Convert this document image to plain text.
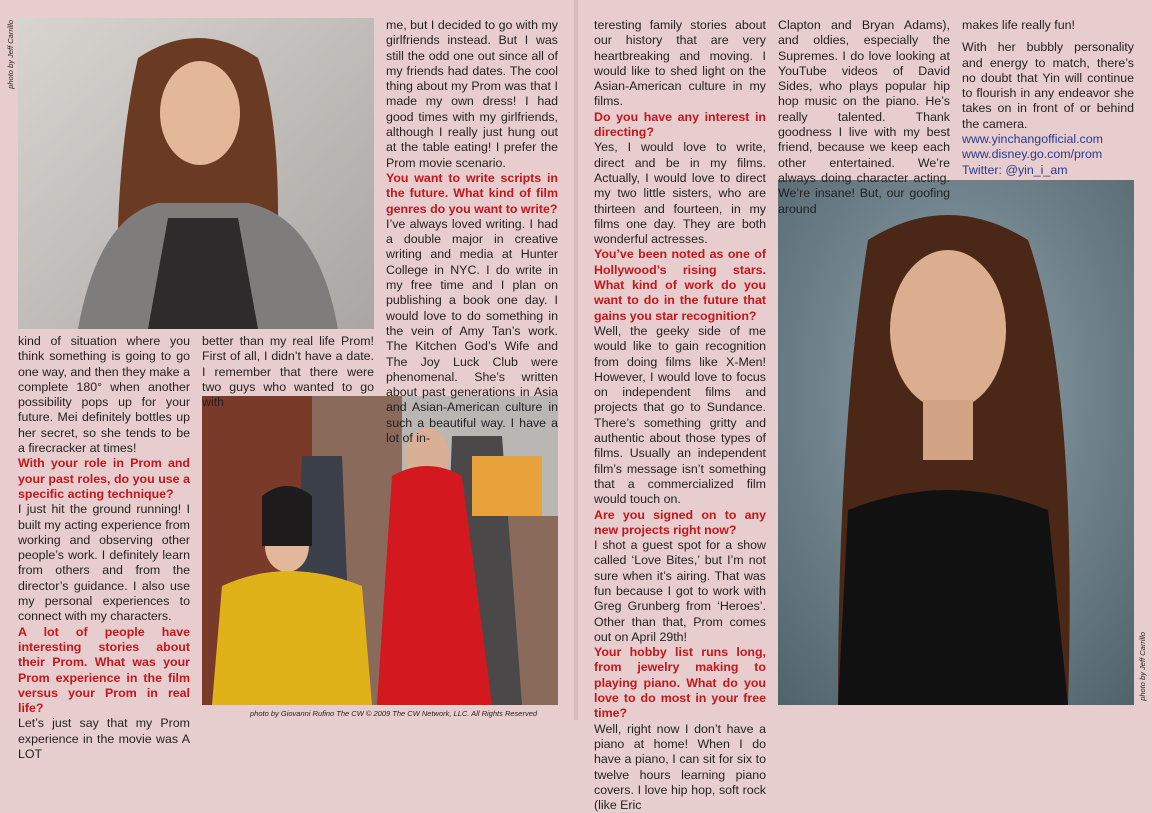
photo by Jeff Carrillo
photo by Giovanni Rufino The CW © 2009 The CW Network, LLC. All Rights Reserved
photo by Jeff Carrillo

kind of situation where you think something is going to go one way, and then they make a complete 180° when another possibility pops up for your future. Mei definitely bottles up her secret, so she tends to be a firecracker at times!

With your role in Prom and your past roles, do you use a specific acting technique?

I just hit the ground running! I built my acting experience from working and observing other people’s work. I definitely learn from others and from the director’s guidance. I also use my personal experiences to connect with my characters.

A lot of people have interesting stories about their Prom. What was your Prom experience in the film versus your Prom in real life?

Let’s just say that my Prom experience in the movie was A LOT

better than my real life Prom! First of all, I didn’t have a date. I remember that there were two guys who wanted to go with

me, but I decided to go with my girlfriends instead. But I was still the odd one out since all of my friends had dates. The cool thing about my Prom was that I made my own dress! I had good times with my girlfriends, although I really just hung out at the table eating! I prefer the Prom movie scenario.

You want to write scripts in the future. What kind of film genres do you want to write?

I’ve always loved writing. I had a double major in creative writing and media at Hunter College in NYC. I do write in my free time and I plan on publishing a book one day. I would love to do something in the vein of Amy Tan’s work. The Kitchen God’s Wife and The Joy Luck Club were phenomenal. She’s written about past generations in Asia and Asian-American culture in such a beautiful way. I have a lot of in-

teresting family stories about our history that are very heartbreaking and moving. I would like to shed light on the Asian-American culture in my films.

Do you have any interest in directing?

Yes, I would love to write, direct and be in my films. Actually, I would love to direct my two little sisters, who are thirteen and fourteen, in my films one day. They are both wonderful actresses.

You’ve been noted as one of Hollywood’s rising stars. What kind of work do you want to do in the future that gains you star recognition?

Well, the geeky side of me would like to gain recognition from doing films like X-Men! However, I would love to focus on independent films and projects that go to Sundance. There’s something gritty and authentic about those types of films. Usually an independent film’s message isn’t something that a commercialized film would touch on.

Are you signed on to any new projects right now?

I shot a guest spot for a show called ‘Love Bites,’ but I’m not sure when it’s airing. That was fun because I got to work with Greg Grunberg from ‘Heroes’. Other than that, Prom comes out on April 29th!

Your hobby list runs long, from jewelry making to playing piano. What do you love to do most in your free time?

Well, right now I don’t have a piano at home! When I do have a piano, I can sit for six to twelve hours learning piano covers. I love hip hop, soft rock (like Eric

Clapton and Bryan Adams), and oldies, especially the Supremes. I do love looking at YouTube videos of David Sides, who plays popular hip hop music on the piano. He’s really talented. Thank goodness I live with my best friend, because we keep each other entertained. We’re always doing character acting. We’re insane! But, our goofing around

makes life really fun!

With her bubbly personality and energy to match, there’s no doubt that Yin will continue to flourish in any endeavor she takes on in front of or behind the camera.

www.yinchangofficial.com

www.disney.go.com/prom

Twitter: @yin_i_am
